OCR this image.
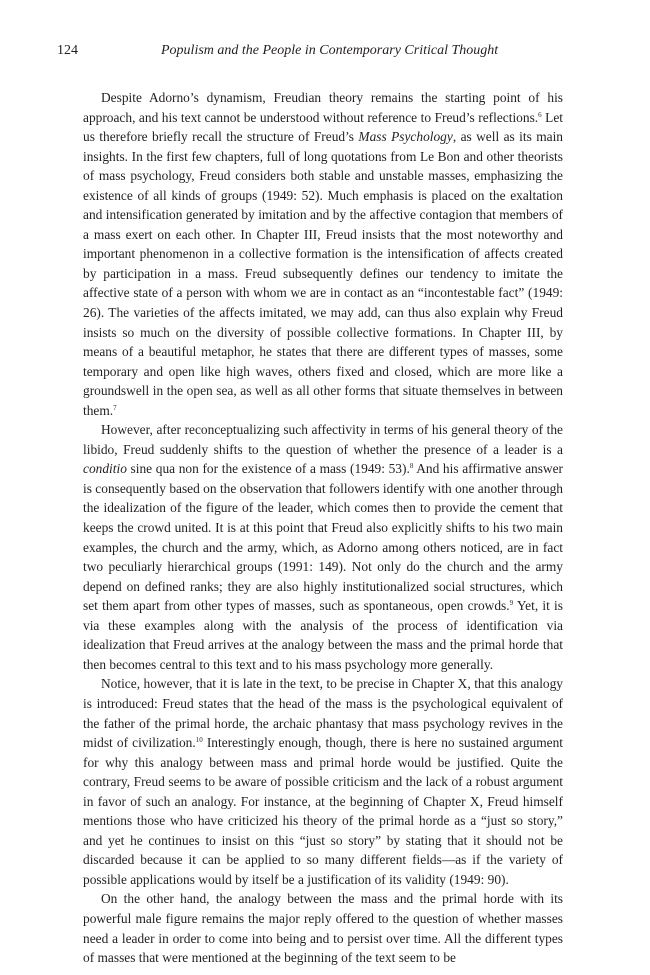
124	Populism and the People in Contemporary Critical Thought

Despite Adorno’s dynamism, Freudian theory remains the starting point of his approach, and his text cannot be understood without reference to Freud’s reflections.$^6$ Let us therefore briefly recall the structure of Freud’s Mass Psychology, as well as its main insights. In the first few chapters, full of long quotations from Le Bon and other theorists of mass psychology, Freud considers both stable and unstable masses, emphasizing the existence of all kinds of groups (1949: 52). Much emphasis is placed on the exaltation and intensification generated by imitation and by the affective contagion that members of a mass exert on each other. In Chapter III, Freud insists that the most noteworthy and important phenomenon in a collective formation is the intensification of affects created by participation in a mass. Freud subsequently defines our tendency to imitate the affective state of a person with whom we are in contact as an “incontestable fact” (1949: 26). The varieties of the affects imitated, we may add, can thus also explain why Freud insists so much on the diversity of possible collective formations. In Chapter III, by means of a beautiful metaphor, he states that there are different types of masses, some temporary and open like high waves, others fixed and closed, which are more like a groundswell in the open sea, as well as all other forms that situate themselves in between them.$^7$

However, after reconceptualizing such affectivity in terms of his general theory of the libido, Freud suddenly shifts to the question of whether the presence of a leader is a conditio sine qua non for the existence of a mass (1949: 53).$^8$ And his affirmative answer is consequently based on the observation that followers identify with one another through the idealization of the figure of the leader, which comes then to provide the cement that keeps the crowd united. It is at this point that Freud also explicitly shifts to his two main examples, the church and the army, which, as Adorno among others noticed, are in fact two peculiarly hierarchical groups (1991: 149). Not only do the church and the army depend on defined ranks; they are also highly institutionalized social structures, which set them apart from other types of masses, such as spontaneous, open crowds.$^9$ Yet, it is via these examples along with the analysis of the process of identification via idealization that Freud arrives at the analogy between the mass and the primal horde that then becomes central to this text and to his mass psychology more generally.

Notice, however, that it is late in the text, to be precise in Chapter X, that this analogy is introduced: Freud states that the head of the mass is the psychological equivalent of the father of the primal horde, the archaic phantasy that mass psychology revives in the midst of civilization.$^{10}$ Interestingly enough, though, there is here no sustained argument for why this analogy between mass and primal horde would be justified. Quite the contrary, Freud seems to be aware of possible criticism and the lack of a robust argument in favor of such an analogy. For instance, at the beginning of Chapter X, Freud himself mentions those who have criticized his theory of the primal horde as a “just so story,” and yet he continues to insist on this “just so story” by stating that it should not be discarded because it can be applied to so many different fields—as if the variety of possible applications would by itself be a justification of its validity (1949: 90).

On the other hand, the analogy between the mass and the primal horde with its powerful male figure remains the major reply offered to the question of whether masses need a leader in order to come into being and to persist over time. All the different types of masses that were mentioned at the beginning of the text seem to be
